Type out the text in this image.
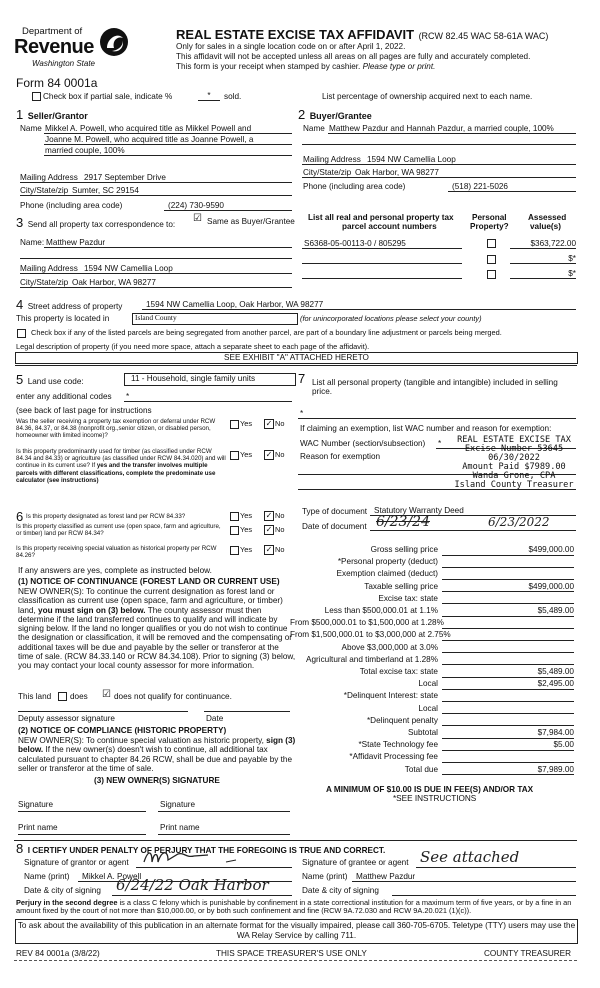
Department of
Revenue
Washington State
Form 84 0001a
REAL ESTATE EXCISE TAX AFFIDAVIT (RCW 82.45 WAC 58-61A WAC)
Only for sales in a single location code on or after April 1, 2022.
This affidavit will not be accepted unless all areas on all pages are fully and accurately completed.
This form is your receipt when stamped by cashier. Please type or print.
Check box if partial sale, indicate %	*	sold.	List percentage of ownership acquired next to each name.
1 Seller/Grantor
Name Mikkel A. Powell, who acquired title as Mikkel Powell and
Joanne M. Powell, who acquired title as Joanne Powell, a
married couple, 100%
Mailing Address 2917 September Drive
City/State/zip Sumter, SC 29154
Phone (including area code)	(224) 730-9590
2 Buyer/Grantee
Name Matthew Pazdur and Hannah Pazdur, a married couple, 100%
Mailing Address 1594 NW Camellia Loop
City/State/zip Oak Harbor, WA 98277
Phone (including area code)	(518) 221-5026
3 Send all property tax correspondence to:
☑ Same as Buyer/Grantee
Name: Matthew Pazdur
Mailing Address 1594 NW Camellia Loop
City/State/zip Oak Harbor, WA 98277
List all real and personal property tax
parcel account numbers
Personal
Property?
Assessed
value(s)
S6368-05-00113-0 / 805295	$363,722.00
$*
$*
4 Street address of property	1594 NW Camellia Loop, Oak Harbor, WA 98277
This property is located in	Island County	(for unincorporated locations please select your county)
Check box if any of the listed parcels are being segregated from another parcel, are part of a boundary line adjustment or parcels being merged.
Legal description of property (if you need more space, attach a separate sheet to each page of the affidavit).
SEE EXHIBIT "A" ATTACHED HERETO
5 Land use code:	11 - Household, single family units
enter any additional codes *
(see back of last page for instructions
Was the seller receiving a property tax exemption or deferral under RCW 84.36, 84.37, or 84.38 (nonprofit org.,senior citizen, or disabled person, homeowner with limited income)?
Yes ✓ No
Is this property predominantly used for timber (as classified under RCW 84.34 and 84.33) or agriculture (as classified under RCW 84.34.020) and will continue in its current use? If yes and the transfer involves multiple parcels with different classifications, complete the predominate use calculator (see instructions)
Yes ✓ No
7 List all personal property (tangible and intangible) included in selling price.
*
If claiming an exemption, list WAC number and reason for exemption:
WAC Number (section/subsection) *
Reason for exemption
REAL ESTATE EXCISE TAX
Excise Number 53645
06/30/2022
Amount Paid $7989.00
Wanda Grone, CPA
Island County Treasurer
6 Is this property designated as forest land per RCW 84.33?	Yes ✓ No
Is this property classified as current use (open space, farm and agriculture, or timber) land per RCW 84.34?	Yes ✓ No
Is this property receiving special valuation as historical property per RCW 84.26?
Yes ✓ No
If any answers are yes, complete as instructed below.
(1) NOTICE OF CONTINUANCE (FOREST LAND OR CURRENT USE)
NEW OWNER(S): To continue the current designation as forest land or classification as current use (open space, farm and agriculture, or timber) land, you must sign on (3) below. The county assessor must then determine if the land transferred continues to qualify and will indicate by signing below. If the land no longer qualifies or you do not wish to continue the designation or classification, it will be removed and the compensating or additional taxes will be due and payable by the seller or transferor at the time of sale. (RCW 84.33.140 or RCW 84.34.108). Prior to signing (3) below, you may contact your local county assessor for more information.
This land does ☑ does not qualify for continuance.
Deputy assessor signature	Date
(2) NOTICE OF COMPLIANCE (HISTORIC PROPERTY)
NEW OWNER(S): To continue special valuation as historic property, sign (3) below. If the new owner(s) doesn't wish to continue, all additional tax calculated pursuant to chapter 84.26 RCW, shall be due and payable by the seller or transferor at the time of sale.
(3) NEW OWNER(S) SIGNATURE
Signature	Signature
Print name	Print name
Type of document Statutory Warranty Deed
Date of document 6/23/24	6/23/2022
Gross selling price	$499,000.00
*Personal property (deduct)
Exemption claimed (deduct)
Taxable selling price	$499,000.00
Excise tax: state
Less than $500,000.01 at 1.1%	$5,489.00
From $500,000.01 to $1,500,000 at 1.28%
From $1,500,000.01 to $3,000,000 at 2.75%
Above $3,000,000 at 3.0%
Agricultural and timberland at 1.28%
Total excise tax: state	$5,489.00
Local	$2,495.00
*Delinquent Interest: state
Local
*Delinquent penalty
Subtotal	$7,984.00
*State Technology fee	$5.00
*Affidavit Processing fee
Total due	$7,989.00
A MINIMUM OF $10.00 IS DUE IN FEE(S) AND/OR TAX
*SEE INSTRUCTIONS
8 I CERTIFY UNDER PENALTY OF PERJURY THAT THE FOREGOING IS TRUE AND CORRECT.
Signature of grantor or agent	Signature of grantee or agent See attached
Name (print) Mikkel A. Powell	Name (print) Matthew Pazdur
Date & city of signing 6/24/22 Oak Harbor	Date & city of signing
Perjury in the second degree is a class C felony which is punishable by confinement in a state correctional institution for a maximum term of five years, or by a fine in an amount fixed by the court of not more than $10,000.00, or by both such confinement and fine (RCW 9A.72.030 and RCW 9A.20.021 (1)(c)).
To ask about the availability of this publication in an alternate format for the visually impaired, please call 360-705-6705. Teletype (TTY) users may use the WA Relay Service by calling 711.
REV 84 0001a (3/8/22)	THIS SPACE TREASURER'S USE ONLY	COUNTY TREASURER
